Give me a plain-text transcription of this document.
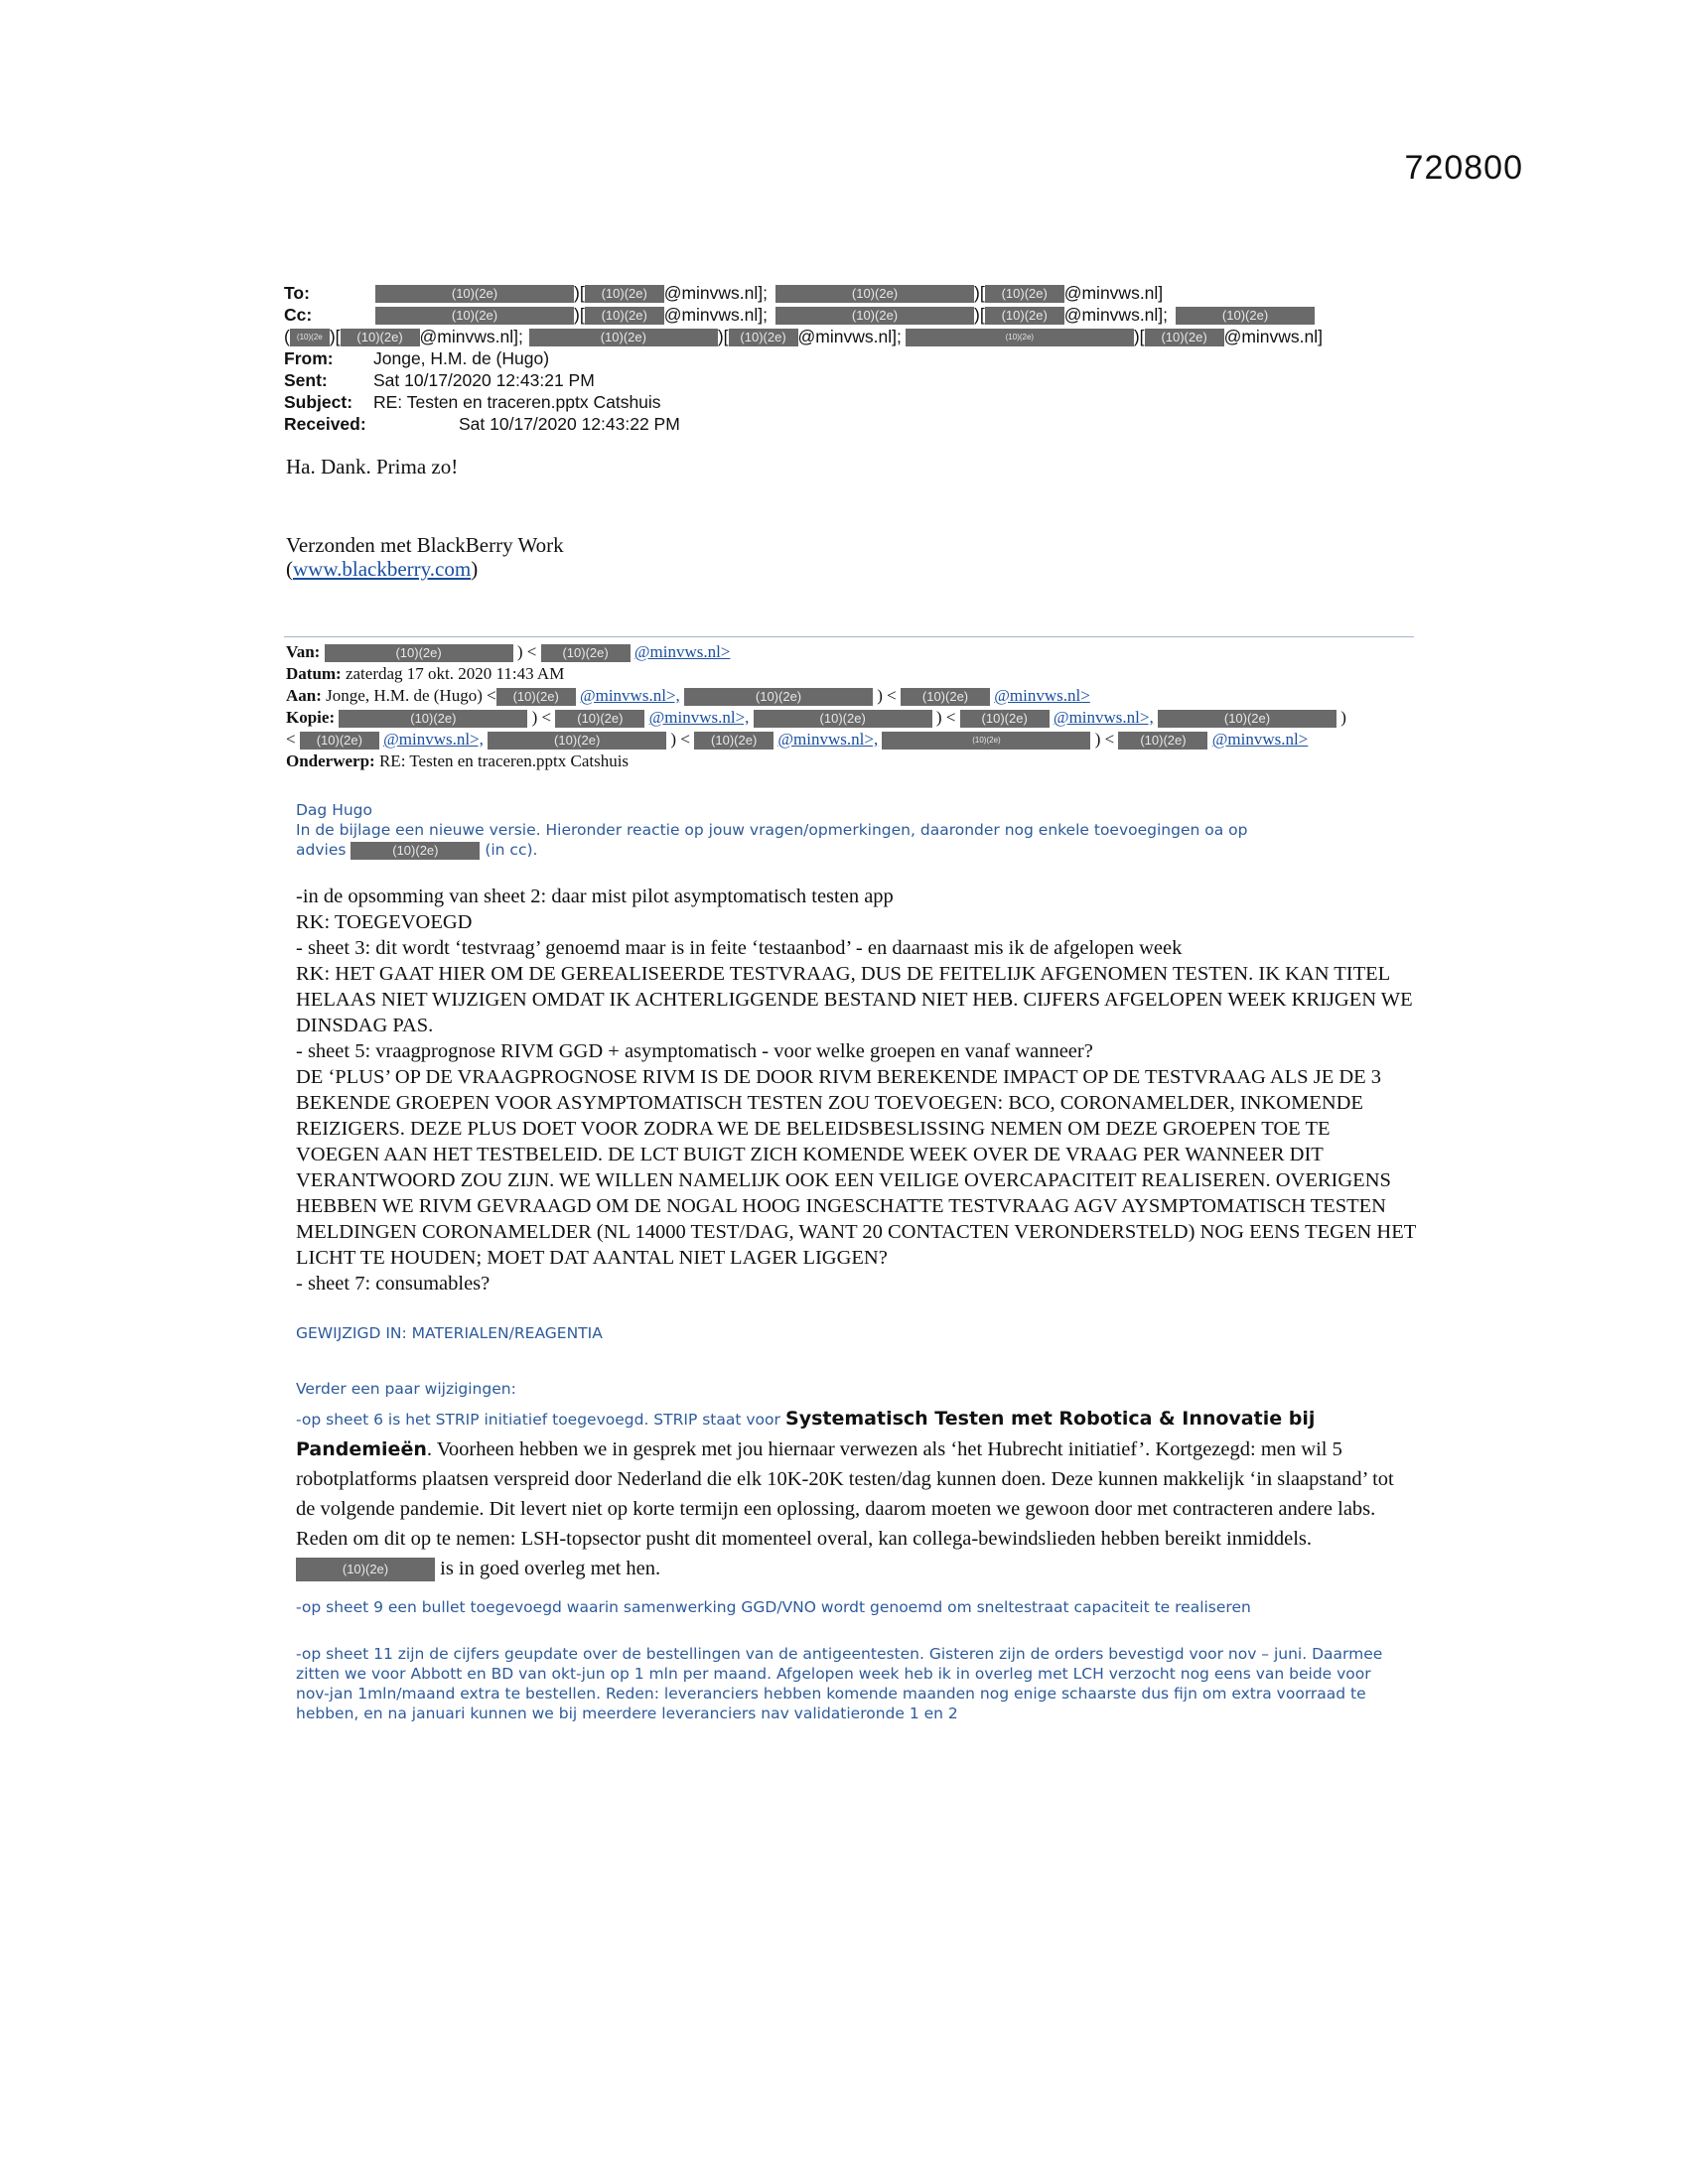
720800
To:	(10)(2e)	)[ (10)(2e) @minvws.nl];	(10)(2e)	)[ (10)(2e) @minvws.nl]
Cc:	(10)(2e)	)[ (10)(2e) @minvws.nl];	(10)(2e)	)[ (10)(2e) @minvws.nl];	(10)(2e)
( (10)(2e )[ (10)(2e) @minvws.nl];	(10)(2e)	)[ (10)(2e) @minvws.nl];	(10)(2e)	)[ (10)(2e) @minvws.nl]
From: Jonge, H.M. de (Hugo)
Sent:	Sat 10/17/2020 12:43:21 PM
Subject: RE: Testen en traceren.pptx Catshuis
Received:	Sat 10/17/2020 12:43:22 PM
Ha. Dank. Prima zo!
Verzonden met BlackBerry Work
(www.blackberry.com)
Van:	(10)(2e)	) < (10)(2e) @minvws.nl>
Datum: zaterdag 17 okt. 2020 11:43 AM
Aan: Jonge, H.M. de (Hugo) < (10)(2e) @minvws.nl>,	(10)(2e)	) < (10)(2e) @minvws.nl>
Kopie:	(10)(2e)	) < (10)(2e) @minvws.nl>,	(10)(2e)	) < (10)(2e) @minvws.nl>,	(10)(2e)	)
< (10)(2e) @minvws.nl>,	(10)(2e)	) < (10)(2e) @minvws.nl>,	(10)(2e)	) < (10)(2e) @minvws.nl>
Onderwerp: RE: Testen en traceren.pptx Catshuis
Dag Hugo
In de bijlage een nieuwe versie. Hieronder reactie op jouw vragen/opmerkingen, daaronder nog enkele toevoegingen oa op
advies	(10)(2e)	(in cc).

-in de opsomming van sheet 2: daar mist pilot asymptomatisch testen app

RK: TOEGEVOEGD

- sheet 3: dit wordt ‘testvraag’ genoemd maar is in feite ‘testaanbod’ - en daarnaast mis ik de afgelopen week

RK: HET GAAT HIER OM DE GEREALISEERDE TESTVRAAG, DUS DE FEITELIJK AFGENOMEN TESTEN. IK KAN TITEL HELAAS NIET WIJZIGEN OMDAT IK ACHTERLIGGENDE BESTAND NIET HEB. CIJFERS AFGELOPEN WEEK KRIJGEN WE DINSDAG PAS.

- sheet 5: vraagprognose RIVM GGD + asymptomatisch - voor welke groepen en vanaf wanneer?

DE ‘PLUS’ OP DE VRAAGPROGNOSE RIVM IS DE DOOR RIVM BEREKENDE IMPACT OP DE TESTVRAAG ALS JE DE 3 BEKENDE GROEPEN VOOR ASYMPTOMATISCH TESTEN ZOU TOEVOEGEN: BCO, CORONAMELDER, INKOMENDE REIZIGERS. DEZE PLUS DOET VOOR ZODRA WE DE BELEIDSBESLISSING NEMEN OM DEZE GROEPEN TOE TE VOEGEN AAN HET TESTBELEID. DE LCT BUIGT ZICH KOMENDE WEEK OVER DE VRAAG PER WANNEER DIT VERANTWOORD ZOU ZIJN. WE WILLEN NAMELIJK OOK EEN VEILIGE OVERCAPACITEIT REALISEREN. OVERIGENS HEBBEN WE RIVM GEVRAAGD OM DE NOGAL HOOG INGESCHATTE TESTVRAAG AGV AYSMPTOMATISCH TESTEN MELDINGEN CORONAMELDER (NL 14000 TEST/DAG, WANT 20 CONTACTEN VERONDERSTELD) NOG EENS TEGEN HET LICHT TE HOUDEN; MOET DAT AANTAL NIET LAGER LIGGEN?

- sheet 7: consumables?

GEWIJZIGD IN: MATERIALEN/REAGENTIA
Verder een paar wijzigingen:
-op sheet 6 is het STRIP initiatief toegevoegd. STRIP staat voor Systematisch Testen met Robotica & Innovatie bij Pandemieën. Voorheen hebben we in gesprek met jou hiernaar verwezen als ‘het Hubrecht initiatief’. Kortgezegd: men wil 5 robotplatforms plaatsen verspreid door Nederland die elk 10K-20K testen/dag kunnen doen. Deze kunnen makkelijk ‘in slaapstand’ tot de volgende pandemie. Dit levert niet op korte termijn een oplossing, daarom moeten we gewoon door met contracteren andere labs. Reden om dit op te nemen: LSH-topsector pusht dit momenteel overal, kan collega-bewindslieden hebben bereikt inmiddels. (10)(2e)	is in goed overleg met hen.
-op sheet 9 een bullet toegevoegd waarin samenwerking GGD/VNO wordt genoemd om sneltestraat capaciteit te realiseren
-op sheet 11 zijn de cijfers geupdate over de bestellingen van de antigeentesten. Gisteren zijn de orders bevestigd voor nov – juni. Daarmee zitten we voor Abbott en BD van okt-jun op 1 mln per maand. Afgelopen week heb ik in overleg met LCH verzocht nog eens van beide voor nov-jan 1mln/maand extra te bestellen. Reden: leveranciers hebben komende maanden nog enige schaarste dus fijn om extra voorraad te hebben, en na januari kunnen we bij meerdere leveranciers nav validatieronde 1 en 2
